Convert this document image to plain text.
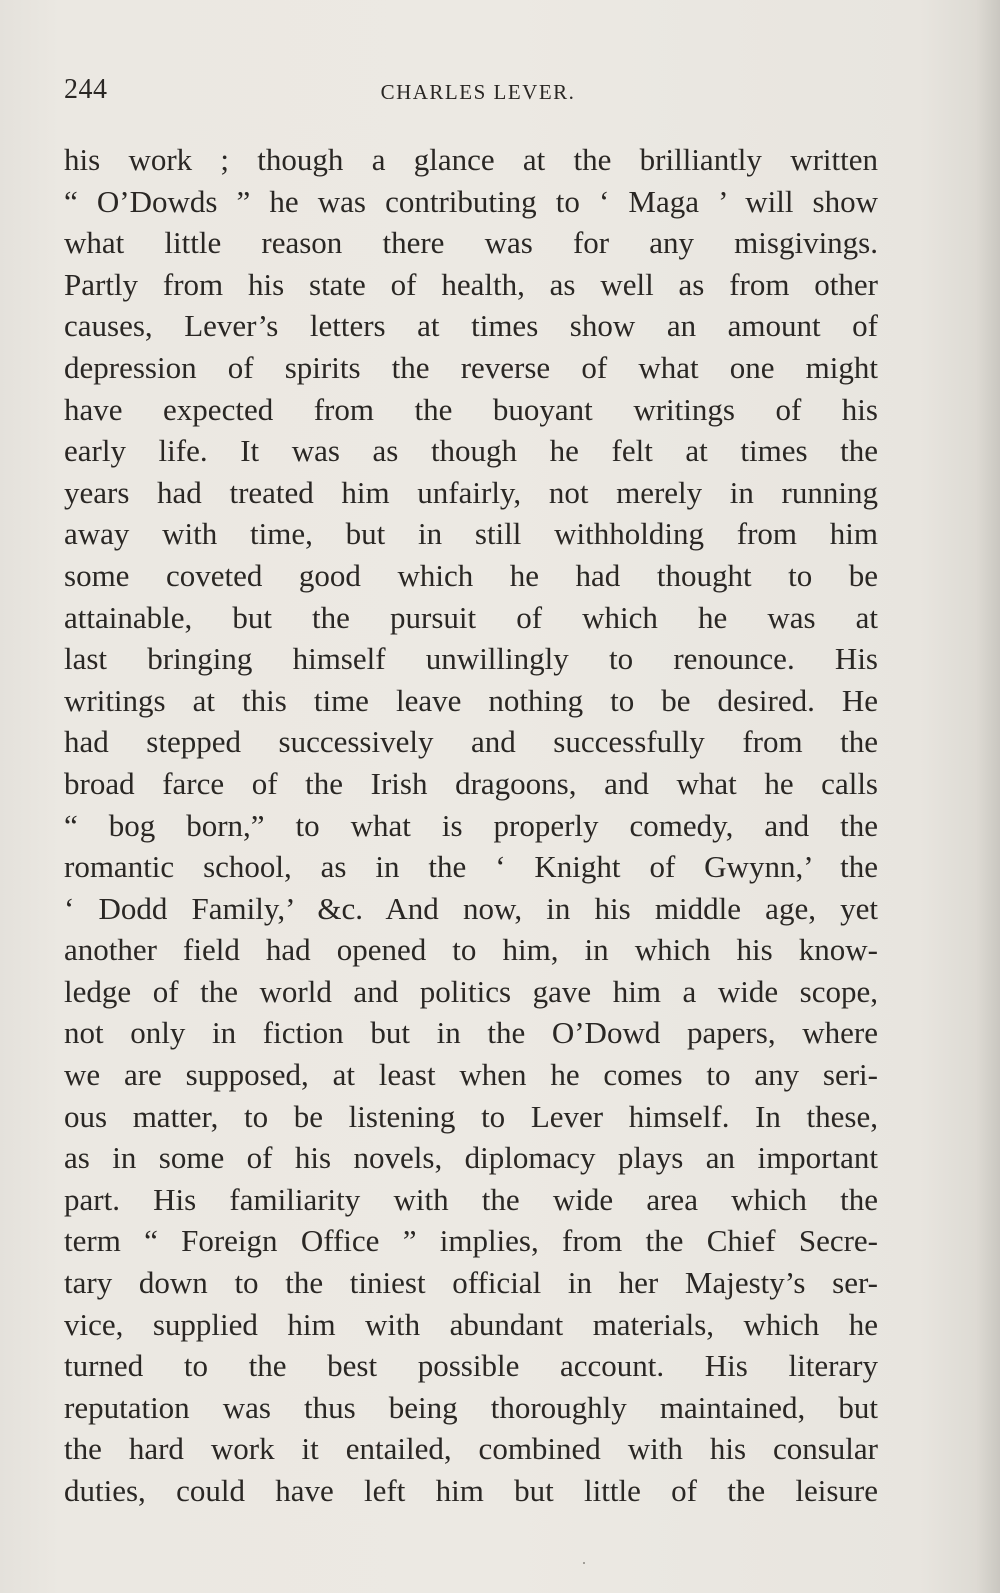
244	CHARLES LEVER.
his work ; though a glance at the brilliantly written
“ O’Dowds ” he was contributing to ‘ Maga ’ will show
what little reason there was for any misgivings.
Partly from his state of health, as well as from other
causes, Lever’s letters at times show an amount of
depression of spirits the reverse of what one might
have expected from the buoyant writings of his
early life. It was as though he felt at times the
years had treated him unfairly, not merely in running
away with time, but in still withholding from him
some coveted good which he had thought to be
attainable, but the pursuit of which he was at
last bringing himself unwillingly to renounce. His
writings at this time leave nothing to be desired. He
had stepped successively and successfully from the
broad farce of the Irish dragoons, and what he calls
“ bog born,” to what is properly comedy, and the
romantic school, as in the ‘ Knight of Gwynn,’ the
‘ Dodd Family,’ &c. And now, in his middle age, yet
another field had opened to him, in which his know-
ledge of the world and politics gave him a wide scope,
not only in fiction but in the O’Dowd papers, where
we are supposed, at least when he comes to any seri-
ous matter, to be listening to Lever himself. In these,
as in some of his novels, diplomacy plays an important
part. His familiarity with the wide area which the
term “ Foreign Office ” implies, from the Chief Secre-
tary down to the tiniest official in her Majesty’s ser-
vice, supplied him with abundant materials, which he
turned to the best possible account. His literary
reputation was thus being thoroughly maintained, but
the hard work it entailed, combined with his consular
duties, could have left him but little of the leisure
